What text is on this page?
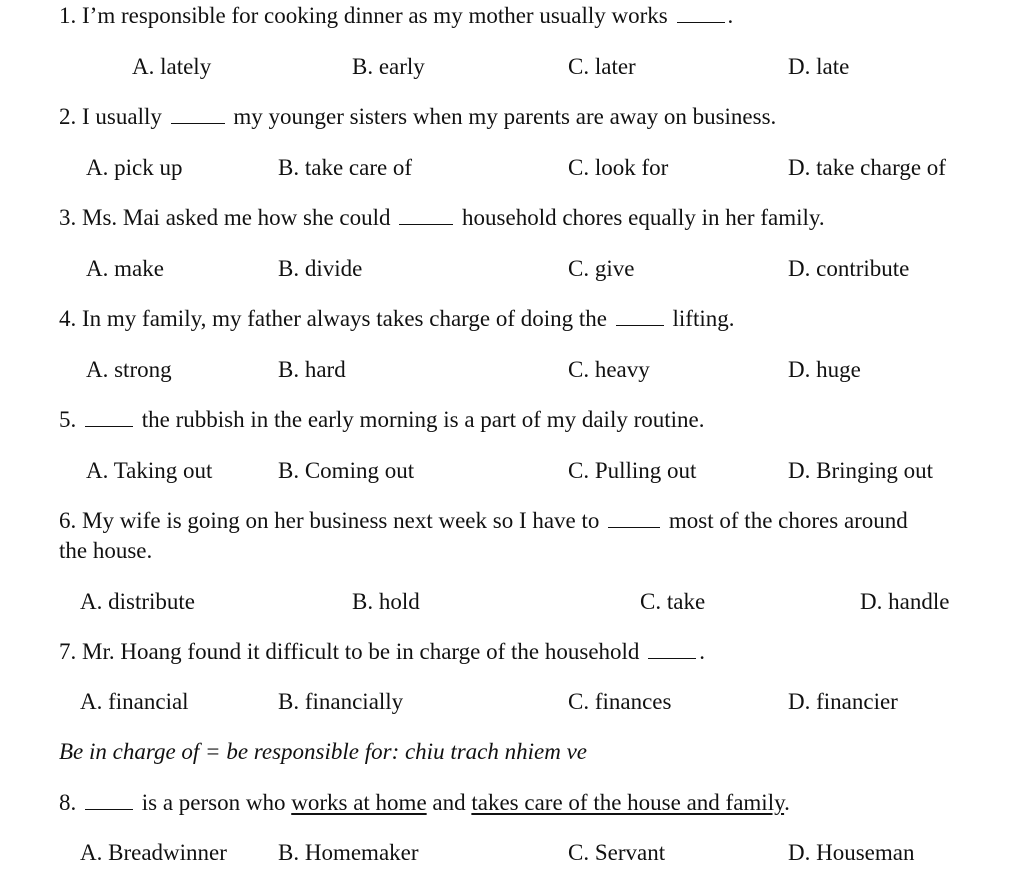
1. I’m responsible for cooking dinner as my mother usually works	.
A. lately	B. early	C. later	D. late
2. I usually	my younger sisters when my parents are away on business.
A. pick up	B. take care of	C. look for	D. take charge of
3. Ms. Mai asked me how she could	household chores equally in her family.
A. make	B. divide	C. give	D. contribute
4. In my family, my father always takes charge of doing the	lifting.
A. strong	B. hard	C. heavy	D. huge
5.	the rubbish in the early morning is a part of my daily routine.
A. Taking out	B. Coming out	C. Pulling out	D. Bringing out
6. My wife is going on her business next week so I have to	most of the chores around
the house.
A. distribute	B. hold	C. take	D. handle
7. Mr. Hoang found it difficult to be in charge of the household	.
A. financial	B. financially	C. finances	D. financier
Be in charge of = be responsible for: chiu trach nhiem ve
8.	is a person who works at home and takes care of the house and family.
A. Breadwinner B. Homemaker	C. Servant	D. Houseman
